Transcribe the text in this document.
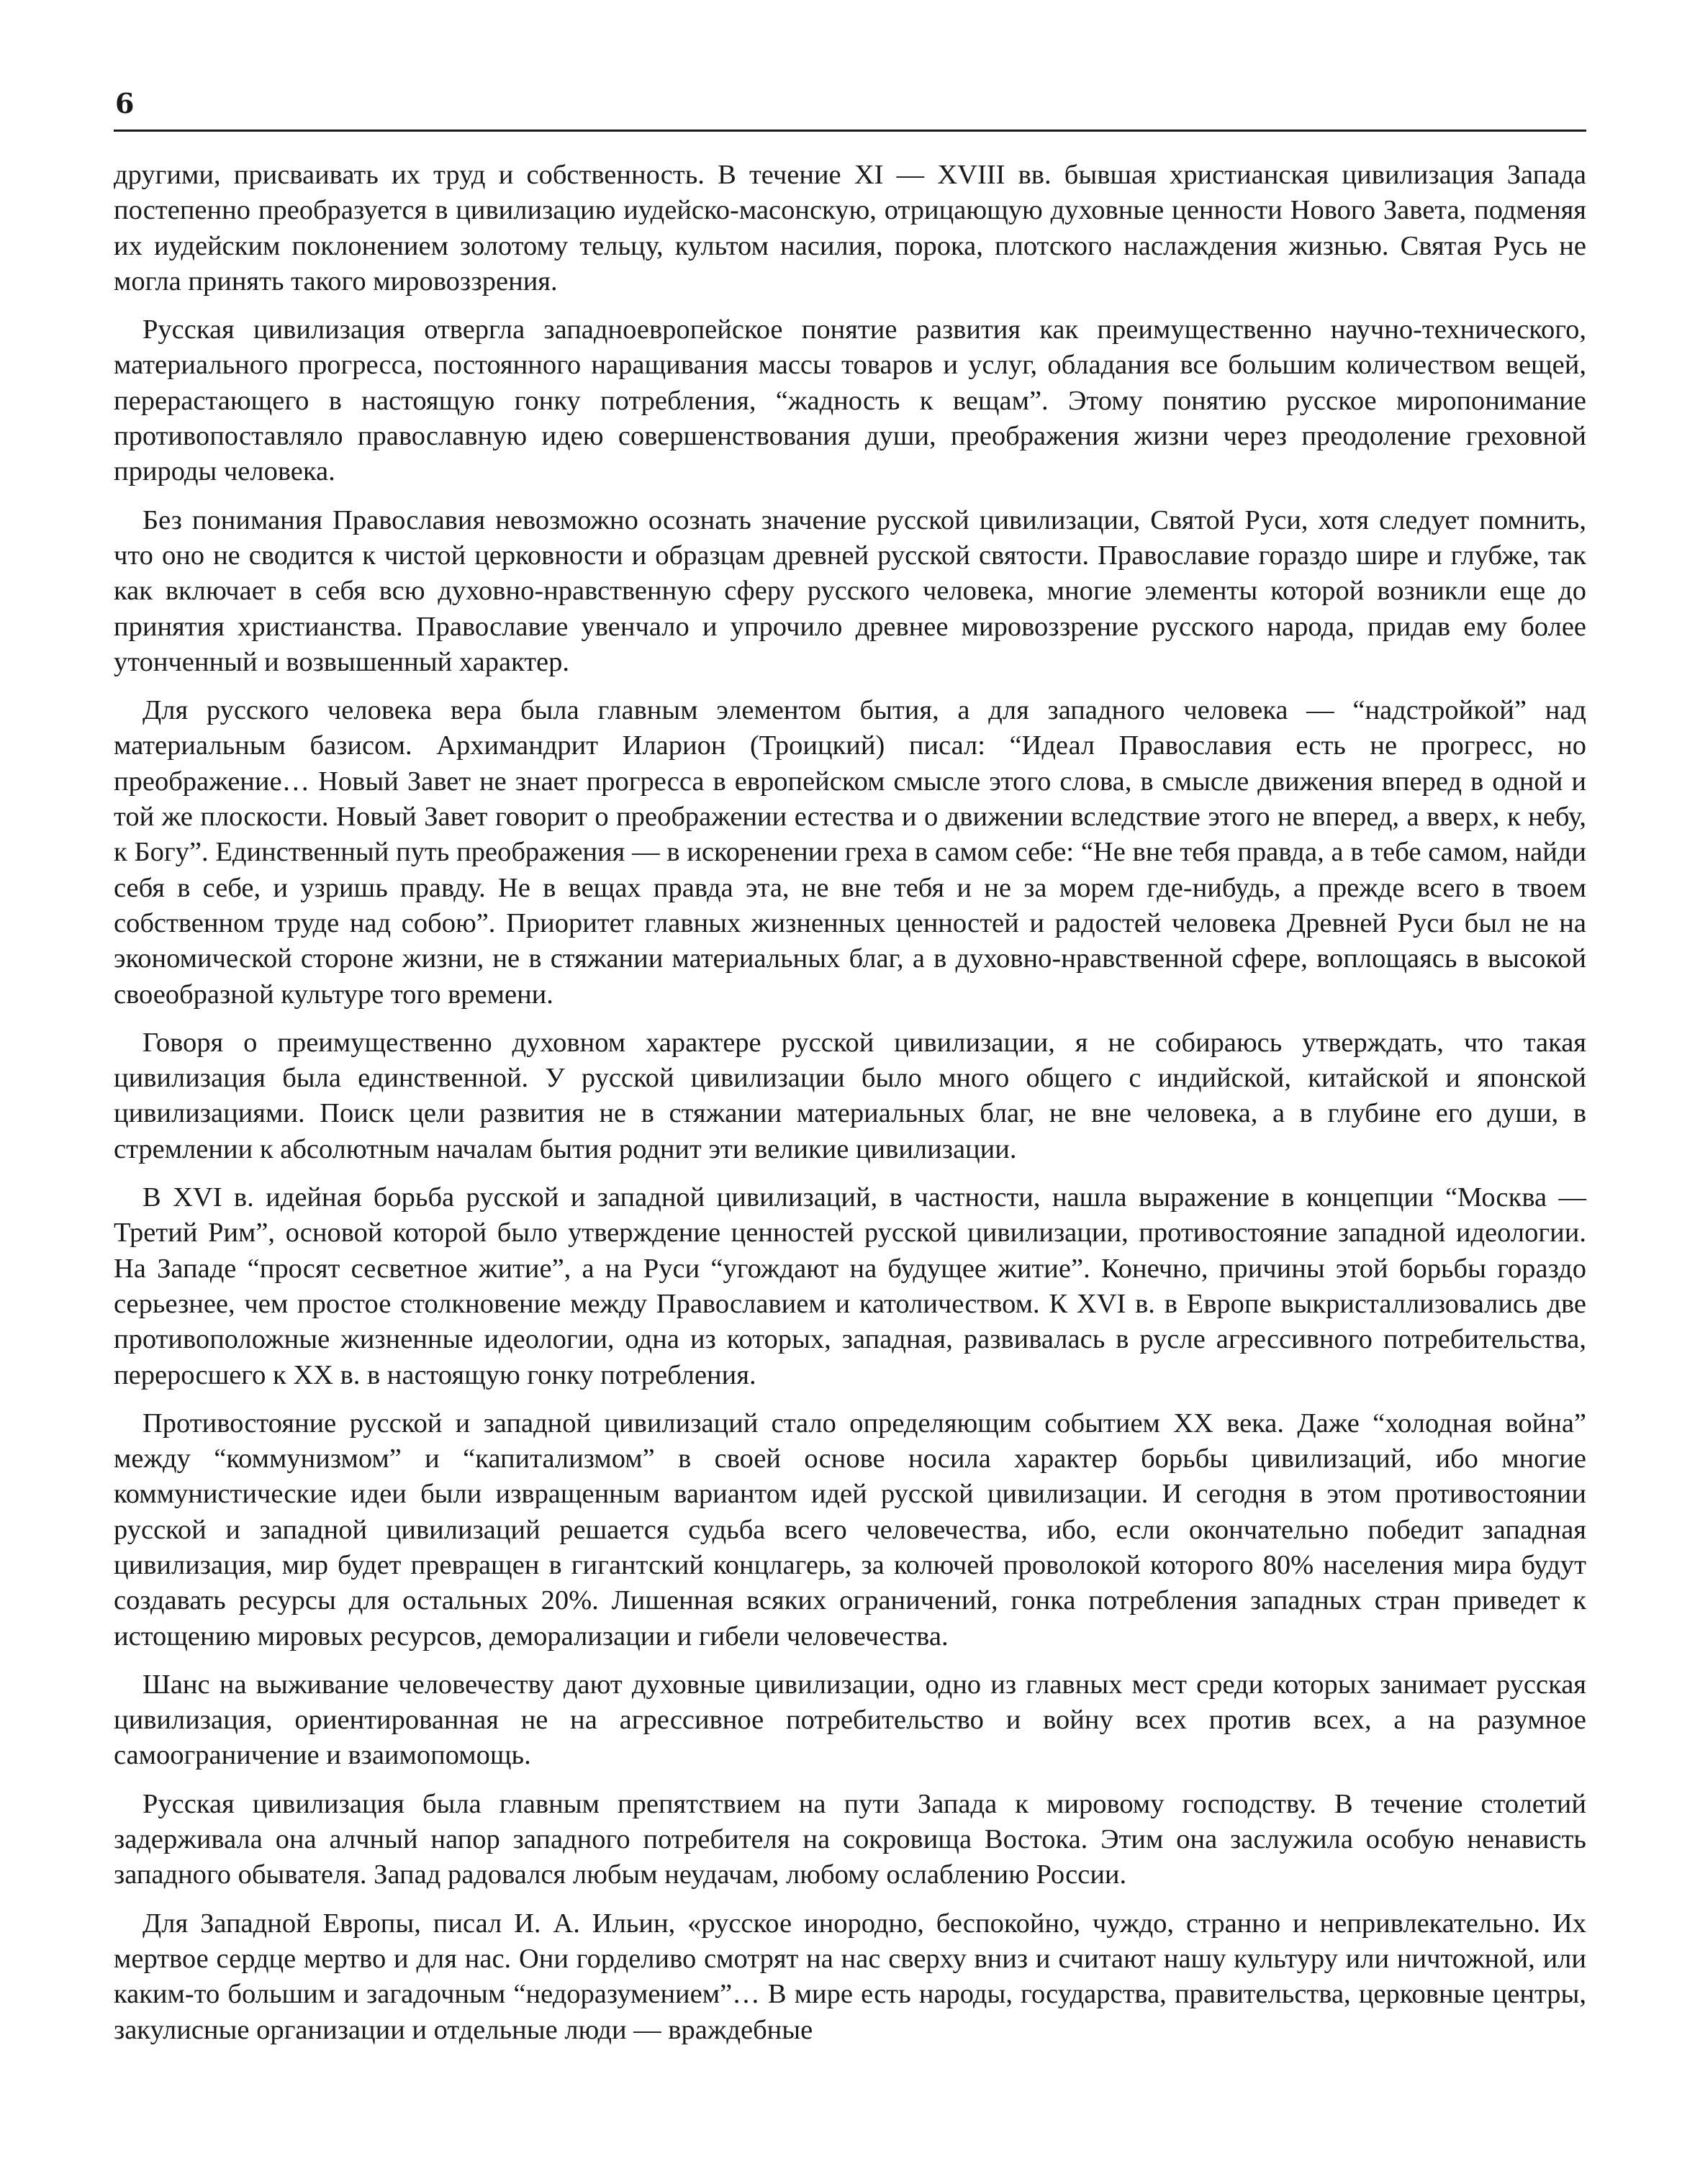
6

другими, присваивать их труд и собственность. В течение XI — XVIII вв. бывшая христианская цивилизация Запада постепенно преобразуется в цивилизацию иудейско-масонскую, отрицающую духовные ценности Нового Завета, подменяя их иудейским поклонением золотому тельцу, культом насилия, порока, плотского наслаждения жизнью. Святая Русь не могла принять такого мировоззрения.

Русская цивилизация отвергла западноевропейское понятие развития как преимущественно научно-технического, материального прогресса, постоянного наращивания массы товаров и услуг, обладания все большим количеством вещей, перерастающего в настоящую гонку потребления, “жадность к вещам”. Этому понятию русское миропонимание противопоставляло православную идею совершенствования души, преображения жизни через преодоление греховной природы человека.

Без понимания Православия невозможно осознать значение русской цивилизации, Святой Руси, хотя следует помнить, что оно не сводится к чистой церковности и образцам древней русской святости. Православие гораздо шире и глубже, так как включает в себя всю духовно-нравственную сферу русского человека, многие элементы которой возникли еще до принятия христианства. Православие увенчало и упрочило древнее мировоззрение русского народа, придав ему более утонченный и возвышенный характер.

Для русского человека вера была главным элементом бытия, а для западного человека — “надстройкой” над материальным базисом. Архимандрит Иларион (Троицкий) писал: “Идеал Православия есть не прогресс, но преображение… Новый Завет не знает прогресса в европейском смысле этого слова, в смысле движения вперед в одной и той же плоскости. Новый Завет говорит о преображении естества и о движении вследствие этого не вперед, а вверх, к небу, к Богу”. Единственный путь преображения — в искоренении греха в самом себе: “Не вне тебя правда, а в тебе самом, найди себя в себе, и узришь правду. Не в вещах правда эта, не вне тебя и не за морем где-нибудь, а прежде всего в твоем собственном труде над собою”. Приоритет главных жизненных ценностей и радостей человека Древней Руси был не на экономической стороне жизни, не в стяжании материальных благ, а в духовно-нравственной сфере, воплощаясь в высокой своеобразной культуре того времени.

Говоря о преимущественно духовном характере русской цивилизации, я не собираюсь утверждать, что такая цивилизация была единственной. У русской цивилизации было много общего с индийской, китайской и японской цивилизациями. Поиск цели развития не в стяжании материальных благ, не вне человека, а в глубине его души, в стремлении к абсолютным началам бытия роднит эти великие цивилизации.

В XVI в. идейная борьба русской и западной цивилизаций, в частности, нашла выражение в концепции “Москва — Третий Рим”, основой которой было утверждение ценностей русской цивилизации, противостояние западной идеологии. На Западе “просят сесветное житие”, а на Руси “угождают на будущее житие”. Конечно, причины этой борьбы гораздо серьезнее, чем простое столкновение между Православием и католичеством. К XVI в. в Европе выкристаллизовались две противоположные жизненные идеологии, одна из которых, западная, развивалась в русле агрессивного потребительства, переросшего к XX в. в настоящую гонку потребления.

Противостояние русской и западной цивилизаций стало определяющим событием XX века. Даже “холодная война” между “коммунизмом” и “капитализмом” в своей основе носила характер борьбы цивилизаций, ибо многие коммунистические идеи были извращенным вариантом идей русской цивилизации. И сегодня в этом противостоянии русской и западной цивилизаций решается судьба всего человечества, ибо, если окончательно победит западная цивилизация, мир будет превращен в гигантский концлагерь, за колючей проволокой которого 80% населения мира будут создавать ресурсы для остальных 20%. Лишенная всяких ограничений, гонка потребления западных стран приведет к истощению мировых ресурсов, деморализации и гибели человечества.

Шанс на выживание человечеству дают духовные цивилизации, одно из главных мест среди которых занимает русская цивилизация, ориентированная не на агрессивное потребительство и войну всех против всех, а на разумное самоограничение и взаимопомощь.

Русская цивилизация была главным препятствием на пути Запада к мировому господству. В течение столетий задерживала она алчный напор западного потребителя на сокровища Востока. Этим она заслужила особую ненависть западного обывателя. Запад радовался любым неудачам, любому ослаблению России.

Для Западной Европы, писал И. А. Ильин, «русское инородно, беспокойно, чуждо, странно и непривлекательно. Их мертвое сердце мертво и для нас. Они горделиво смотрят на нас сверху вниз и считают нашу культуру или ничтожной, или каким-то большим и загадочным “недоразумением”… В мире есть народы, государства, правительства, церковные центры, закулисные организации и отдельные люди — враждебные
